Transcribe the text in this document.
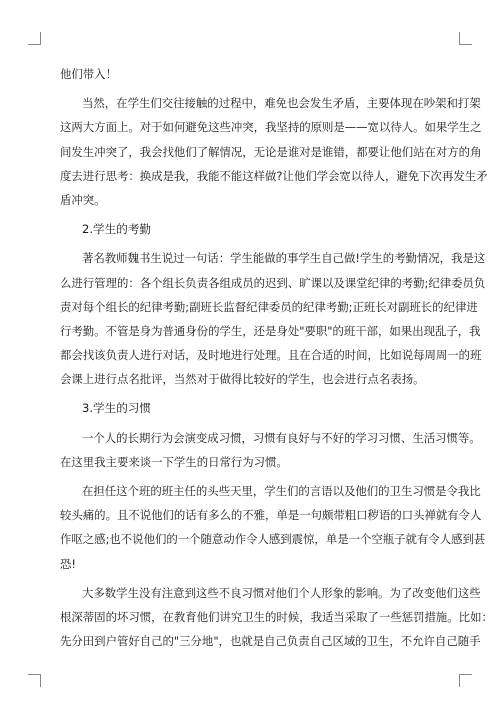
他们带入！
当然，在学生们交往接触的过程中，难免也会发生矛盾，主要体现在吵架和打架
这两大方面上。对于如何避免这些冲突，我坚持的原则是——宽以待人。如果学生之
间发生冲突了，我会找他们了解情况，无论是谁对是谁错，都要让他们站在对方的角
度去进行思考：换成是我，我能不能这样做?让他们学会宽以待人，避免下次再发生矛
盾冲突。
2.学生的考勤
著名教师魏书生说过一句话：学生能做的事学生自己做!学生的考勤情况，我是这
么进行管理的：各个组长负责各组成员的迟到、旷课以及课堂纪律的考勤;纪律委员负
责对每个组长的纪律考勤;副班长监督纪律委员的纪律考勤;正班长对副班长的纪律进
行考勤。不管是身为普通身份的学生，还是身处"要职"的班干部，如果出现乱子，我
都会找该负责人进行对话，及时地进行处理。且在合适的时间，比如说每周周一的班
会课上进行点名批评，当然对于做得比较好的学生，也会进行点名表扬。
3.学生的习惯
一个人的长期行为会演变成习惯，习惯有良好与不好的学习习惯、生活习惯等。
在这里我主要来谈一下学生的日常行为习惯。
在担任这个班的班主任的头些天里，学生们的言语以及他们的卫生习惯是令我比
较头痛的。且不说他们的话有多么的不雅，单是一句颇带粗口秽语的口头禅就有令人
作呕之感;也不说他们的一个随意动作令人感到震惊，单是一个空瓶子就有令人感到甚
恐!
大多数学生没有注意到这些不良习惯对他们个人形象的影响。为了改变他们这些
根深蒂固的坏习惯，在教育他们讲究卫生的时候，我适当采取了一些惩罚措施。比如：
先分田到户管好自己的"三分地"，也就是自己负责自己区域的卫生，不允许自己随手
